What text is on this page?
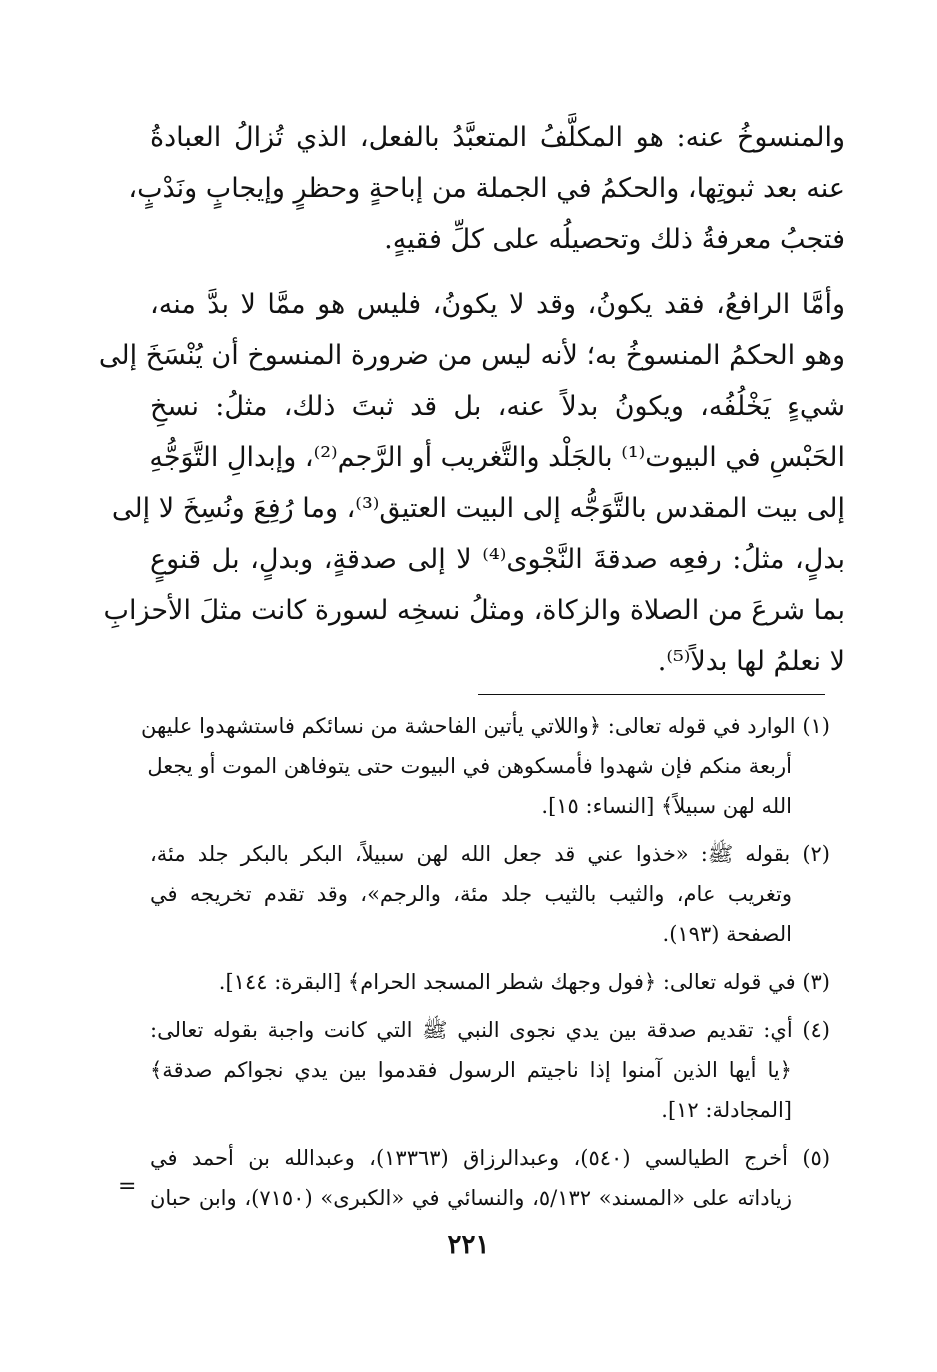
والمنسوخُ عنه: هو المكلَّفُ المتعبَّدُ بالفعل، الذي تُزالُ العبادةُ
عنه بعد ثبوتِها، والحكمُ في الجملة من إباحةٍ وحظرٍ وإيجابٍ ونَدْبٍ،
فتجبُ معرفةُ ذلك وتحصيلُه على كلِّ فقيهٍ.
وأمَّا الرافعُ، فقد يكونُ، وقد لا يكونُ، فليس هو ممَّا لا بدَّ منه،
وهو الحكمُ المنسوخُ به؛ لأنه ليس من ضرورة المنسوخ أن يُنْسَخَ إلى
شيءٍ يَخْلُفُه، ويكونُ بدلاً عنه، بل قد ثبتَ ذلك، مثلُ: نسخِ
الحَبْسِ في البيوت⁽¹⁾ بالجَلْد والتَّغريب أو الرَّجم⁽²⁾، وإبدالِ التَّوَجُّهِ
إلى بيت المقدس بالتَّوَجُّه إلى البيت العتيق⁽³⁾، وما رُفِعَ ونُسِخَ لا إلى
بدلٍ، مثلُ: رفعِه صدقةَ النَّجْوى⁽⁴⁾ لا إلى صدقةٍ، وبدلٍ، بل قنوعٍ
بما شرعَ من الصلاة والزكاة، ومثلُ نسخِه لسورة كانت مثلَ الأحزابِ
لا نعلمُ لها بدلاً⁽⁵⁾.
(١) الوارد في قوله تعالى: ﴿واللاتي يأتين الفاحشة من نسائكم فاستشهدوا عليهن
أربعة منكم فإن شهدوا فأمسكوهن في البيوت حتى يتوفاهن الموت أو يجعل
الله لهن سبيلاً﴾ [النساء: ١٥].
(٢) بقوله ﷺ: «خذوا عني قد جعل الله لهن سبيلاً، البكر بالبكر جلد مئة،
وتغريب عام، والثيب بالثيب جلد مئة، والرجم»، وقد تقدم تخريجه في
الصفحة (١٩٣).
(٣) في قوله تعالى: ﴿فول وجهك شطر المسجد الحرام﴾ [البقرة: ١٤٤].
(٤) أي: تقديم صدقة بين يدي نجوى النبي ﷺ التي كانت واجبة بقوله تعالى:
﴿يا أيها الذين آمنوا إذا ناجيتم الرسول فقدموا بين يدي نجواكم صدقة﴾
[المجادلة: ١٢].
(٥) أخرج الطيالسي (٥٤٠)، وعبدالرزاق (١٣٣٦٣)، وعبدالله بن أحمد في
زياداته على «المسند» ٥/١٣٢، والنسائي في «الكبرى» (٧١٥٠)، وابن حبان
=
٢٢١
